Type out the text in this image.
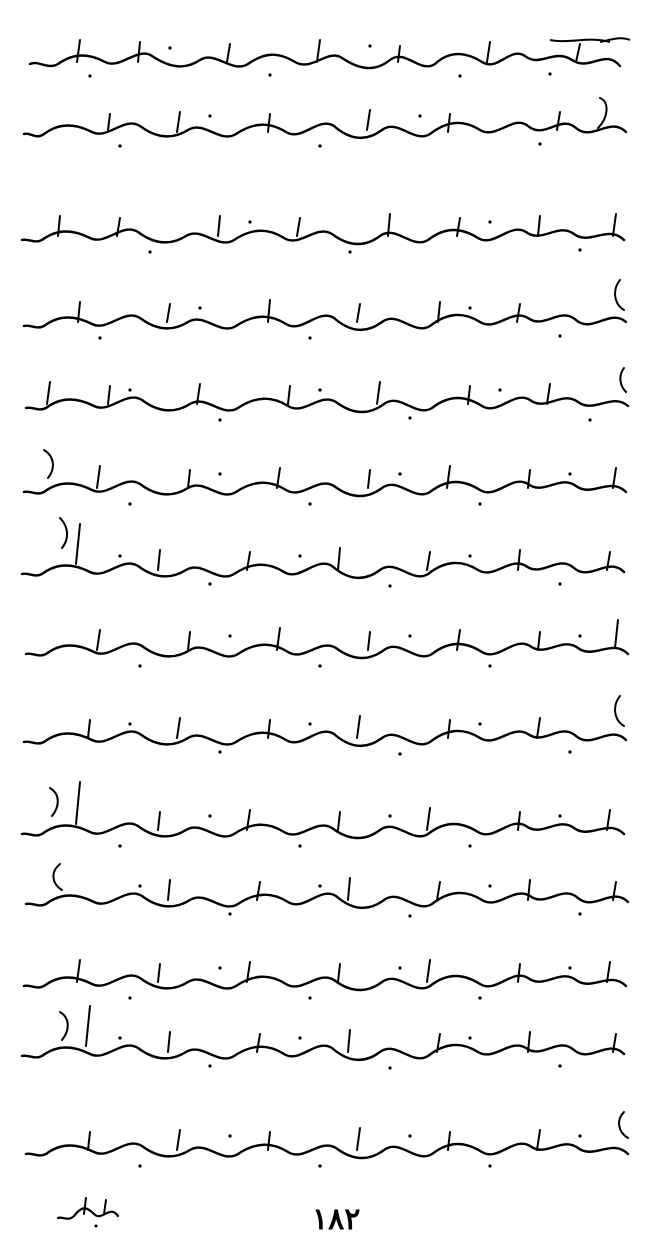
١٨٢
